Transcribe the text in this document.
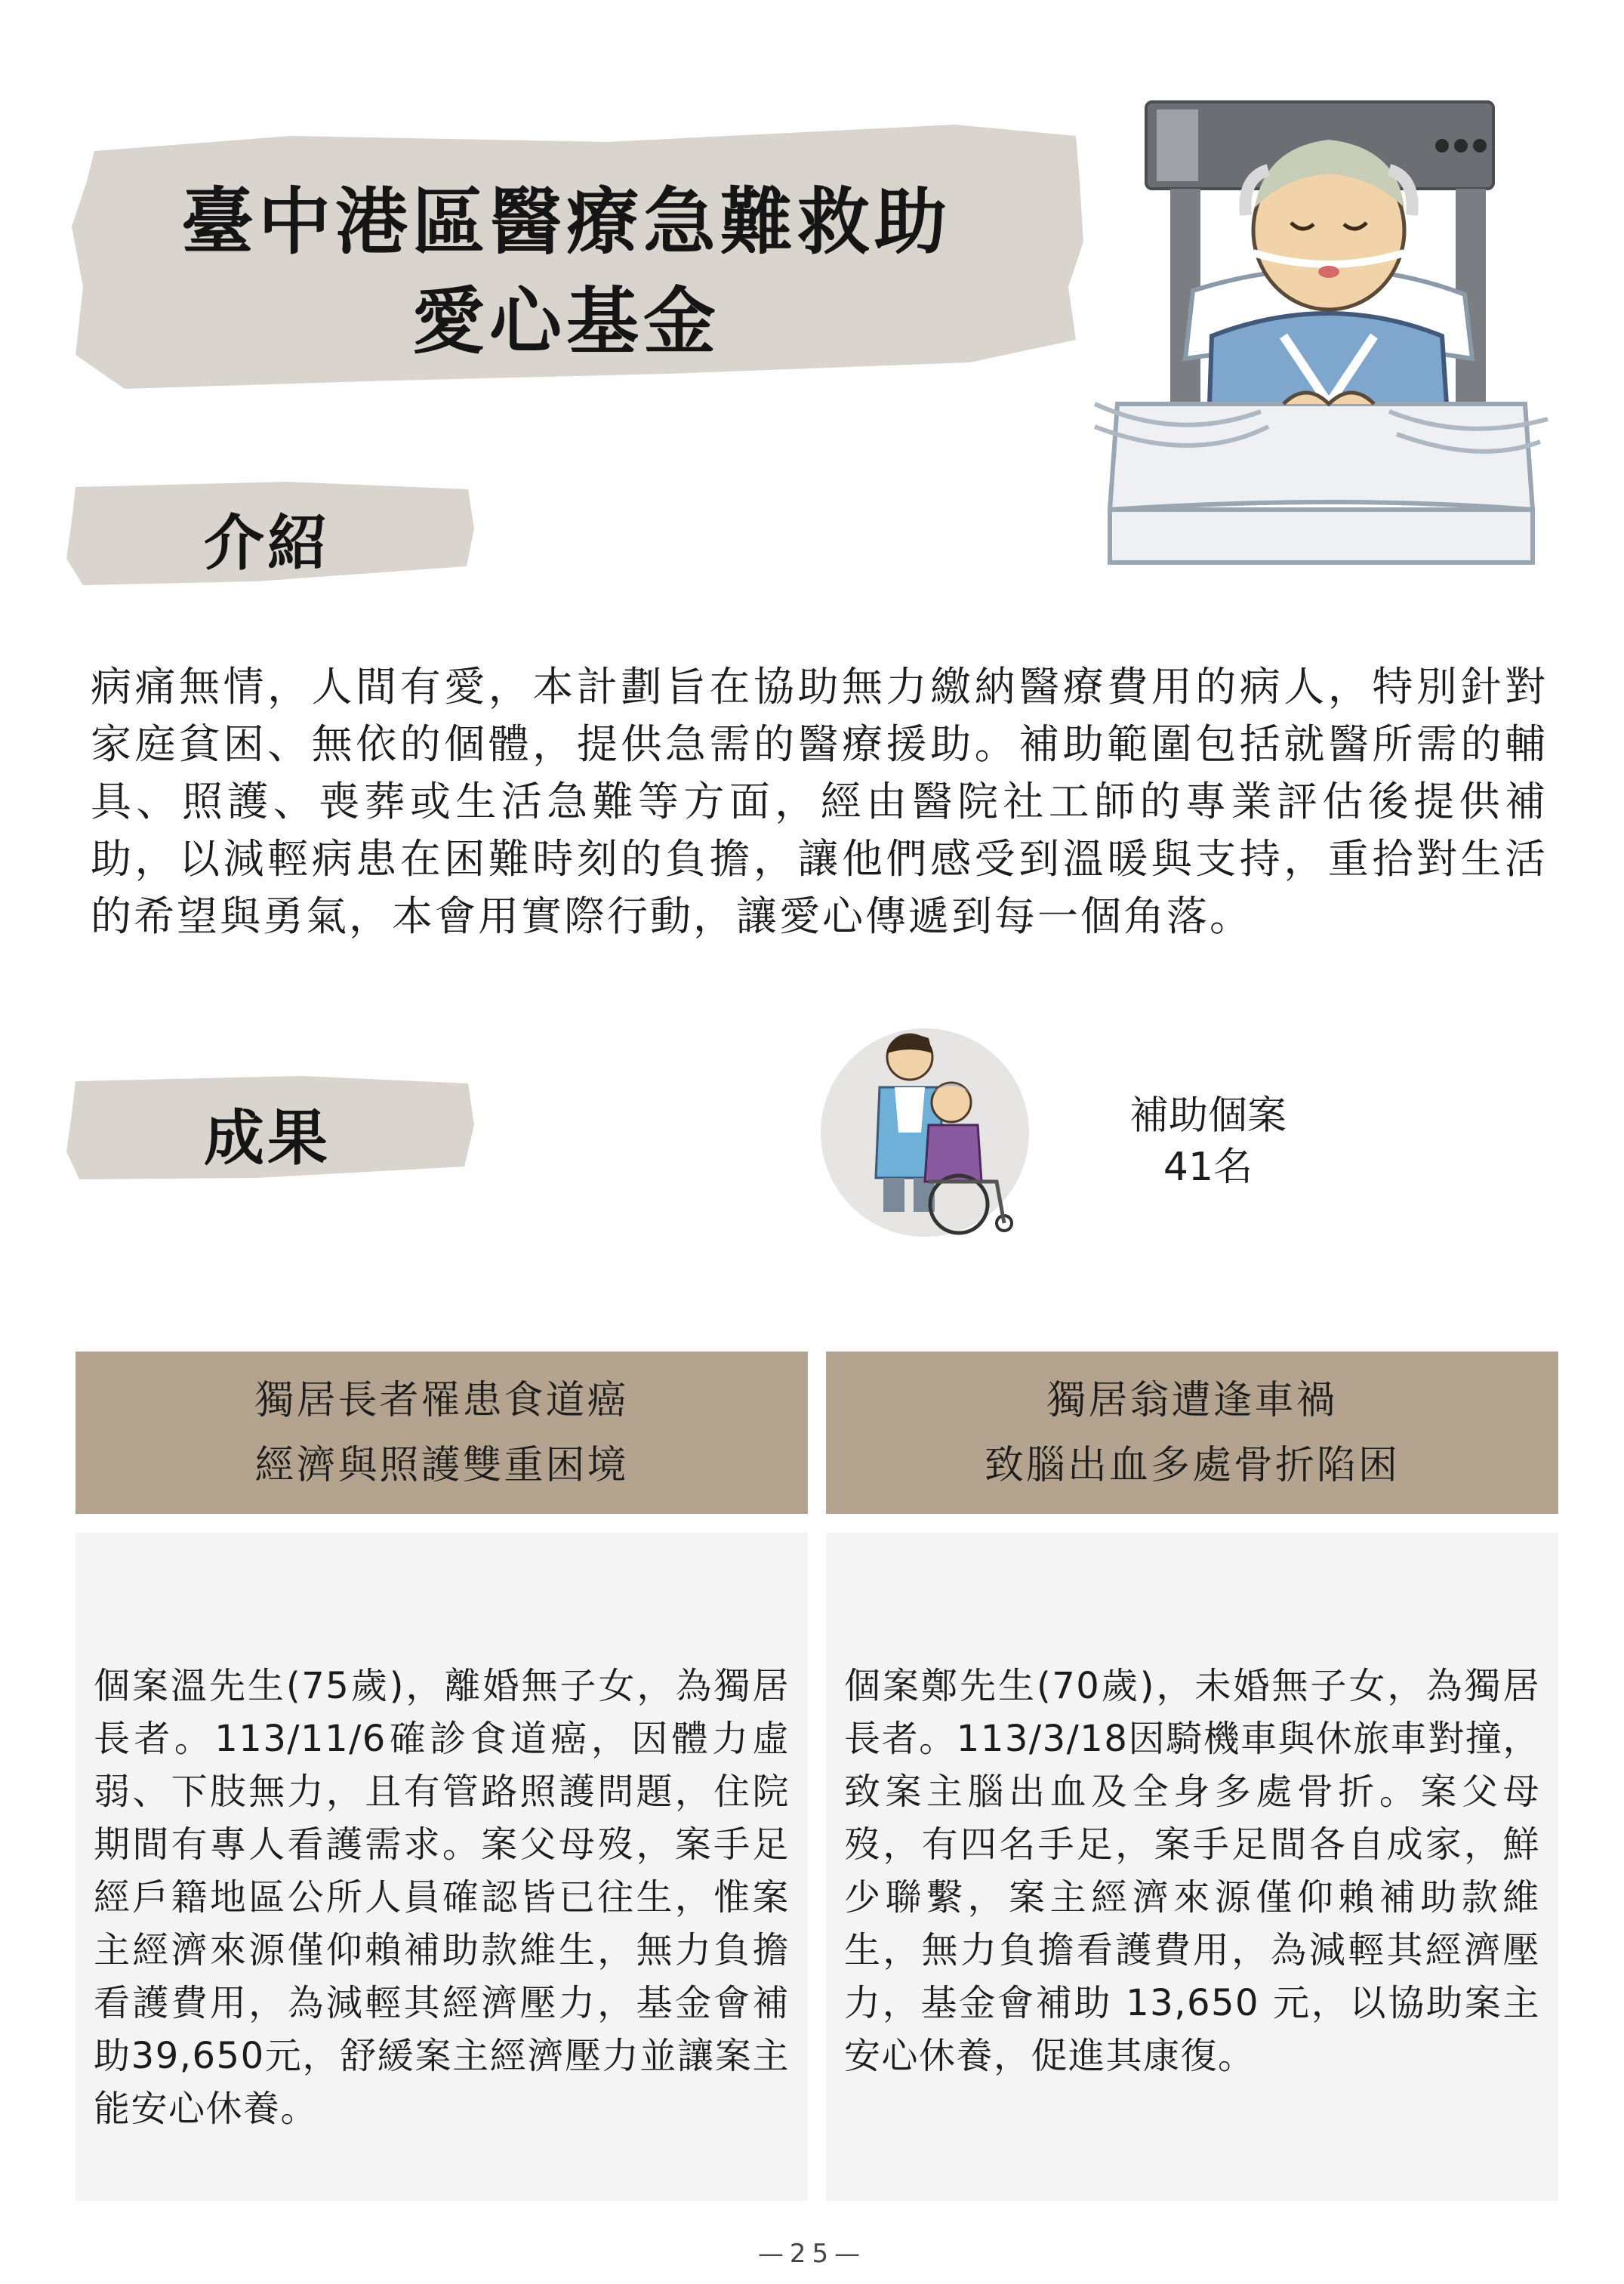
臺中港區醫療急難救助
愛心基金
介紹
病痛無情，人間有愛，本計劃旨在協助無力繳納醫療費用的病人，特別針對家庭貧困、無依的個體，提供急需的醫療援助。補助範圍包括就醫所需的輔具、照護、喪葬或生活急難等方面，經由醫院社工師的專業評估後提供補助，以減輕病患在困難時刻的負擔，讓他們感受到溫暖與支持，重拾對生活的希望與勇氣，本會用實際行動，讓愛心傳遞到每一個角落。
成果	補助個案
41名
獨居長者罹患食道癌
經濟與照護雙重困境
個案溫先生(75歲)，離婚無子女，為獨居長者。113/11/6確診食道癌，因體力虛弱、下肢無力，且有管路照護問題，住院期間有專人看護需求。案父母歿，案手足經戶籍地區公所人員確認皆已往生，惟案主經濟來源僅仰賴補助款維生，無力負擔看護費用，為減輕其經濟壓力，基金會補助39,650元，舒緩案主經濟壓力並讓案主能安心休養。
獨居翁遭逢車禍
致腦出血多處骨折陷困
個案鄭先生(70歲)，未婚無子女，為獨居長者。113/3/18因騎機車與休旅車對撞，致案主腦出血及全身多處骨折。案父母歿，有四名手足，案手足間各自成家，鮮少聯繫，案主經濟來源僅仰賴補助款維生，無力負擔看護費用，為減輕其經濟壓力，基金會補助 13,650 元，以協助案主安心休養，促進其康復。
—25—
